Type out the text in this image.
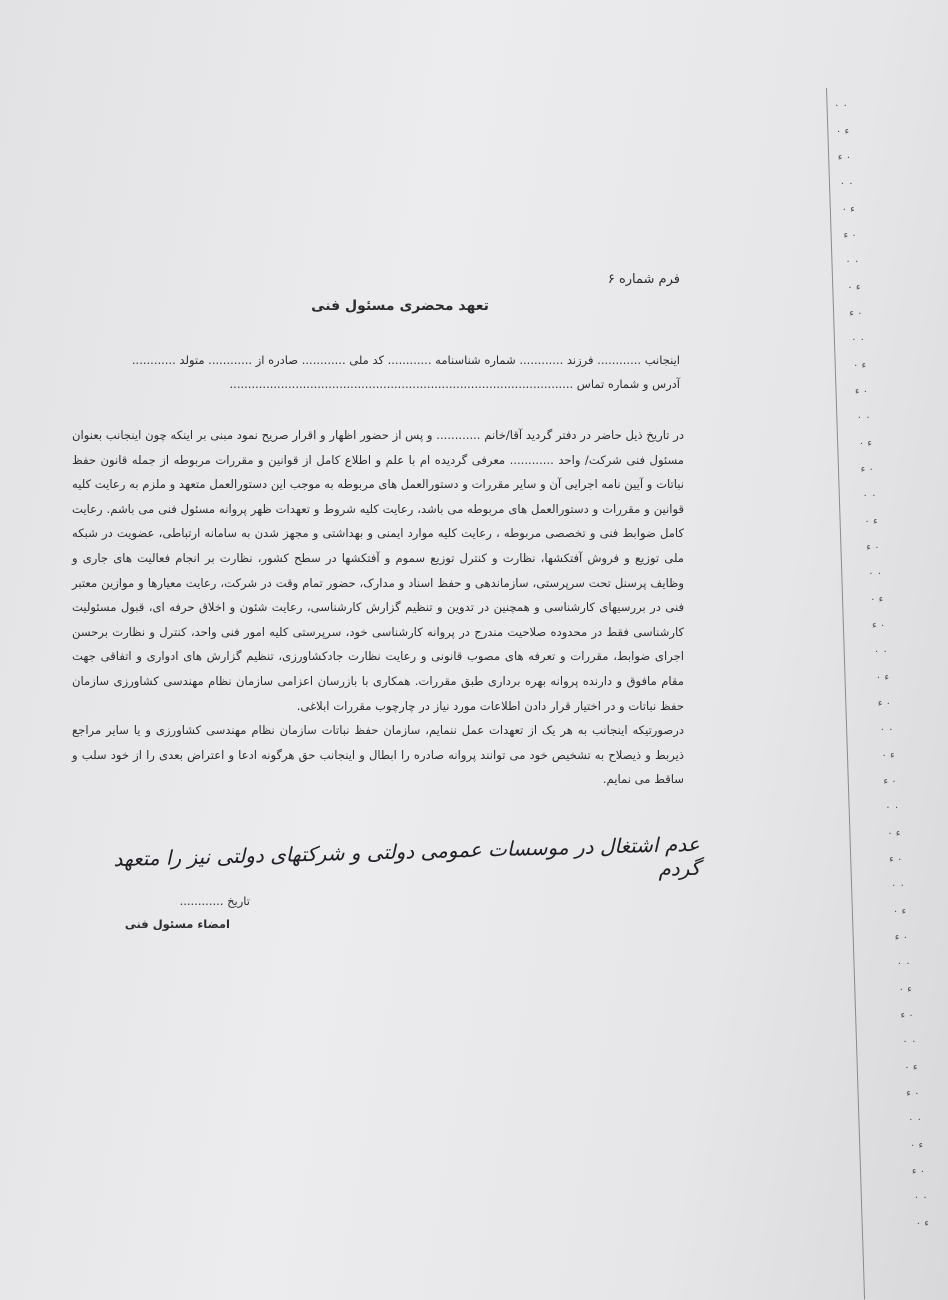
۰ ۰
ء ۰
۰ ء
۰ ۰
ء ۰
۰ ء
۰ ۰
ء ۰
۰ ء
۰ ۰
ء ۰
۰ ء
۰ ۰
ء ۰
۰ ء
۰ ۰
ء ۰
۰ ء
۰ ۰
ء ۰
۰ ء
۰ ۰
ء ۰
۰ ء
۰ ۰
ء ۰
۰ ء
۰ ۰
ء ۰
۰ ء
۰ ۰
ء ۰
۰ ء
۰ ۰
ء ۰
۰ ء
۰ ۰
ء ۰
۰ ء
۰ ۰
ء ۰
۰ ء
۰ ۰
ء ۰
فرم شماره ۶
تعهد محضری مسئول فنی
اینجانب ............ فرزند ............ شماره شناسنامه ............ کد ملی ............ صادره از ............ متولد ............
آدرس و شماره تماس ..............................................................................................

در تاریخ ذیل حاضر در دفتر گردید آقا/خانم ............ و پس از حضور اظهار و اقرار صریح نمود مبنی بر اینکه چون اینجانب بعنوان مسئول فنی شرکت/ واحد ............ معرفی گردیده ام با علم و اطلاع کامل از قوانین و مقررات مربوطه از جمله قانون حفظ نباتات و آیین نامه اجرایی آن و سایر مقررات و دستورالعمل های مربوطه به موجب این دستورالعمل متعهد و ملزم به رعایت کلیه قوانین و مقررات و دستورالعمل های مربوطه می باشد، رعایت کلیه شروط و تعهدات ظهر پروانه مسئول فنی می باشم. رعایت کامل ضوابط فنی و تخصصی مربوطه ، رعایت کلیه موارد ایمنی و بهداشتی و مجهز شدن به سامانه ارتباطی، عضویت در شبکه ملی توزیع و فروش آفتکشها، نظارت و کنترل توزیع سموم و آفتکشها در سطح کشور، نظارت بر انجام فعالیت های جاری و وظایف پرسنل تحت سرپرستی، سازماندهی و حفظ اسناد و مدارک، حضور تمام وقت در شرکت، رعایت معیارها و موازین معتبر فنی در بررسیهای کارشناسی و همچنین در تدوین و تنظیم گزارش کارشناسی، رعایت شئون و اخلاق حرفه ای، قبول مسئولیت کارشناسی فقط در محدوده صلاحیت مندرج در پروانه کارشناسی خود، سرپرستی کلیه امور فنی واحد، کنترل و نظارت برحسن اجرای ضوابط، مقررات و تعرفه های مصوب قانونی و رعایت نظارت جادکشاورزی، تنظیم گزارش های ادواری و اتفاقی جهت مقام مافوق و دارنده پروانه بهره برداری طبق مقررات. همکاری با بازرسان اعزامی سازمان نظام مهندسی کشاورزی سازمان حفظ نباتات و در اختیار قرار دادن اطلاعات مورد نیاز در چارچوب مقررات ابلاغی.

درصورتیکه اینجانب به هر یک از تعهدات عمل ننمایم، سازمان حفظ نباتات سازمان نظام مهندسی کشاورزی و یا سایر مراجع ذیربط و ذیصلاح به تشخیص خود می توانند پروانه صادره را ابطال و اینجانب حق هرگونه ادعا و اعتراض بعدی را از خود سلب و ساقط می نمایم.

عدم اشتغال در موسسات عمومی دولتی و شرکتهای دولتی نیز را متعهد گردم
تاریخ ............
امضاء مسئول فنی
